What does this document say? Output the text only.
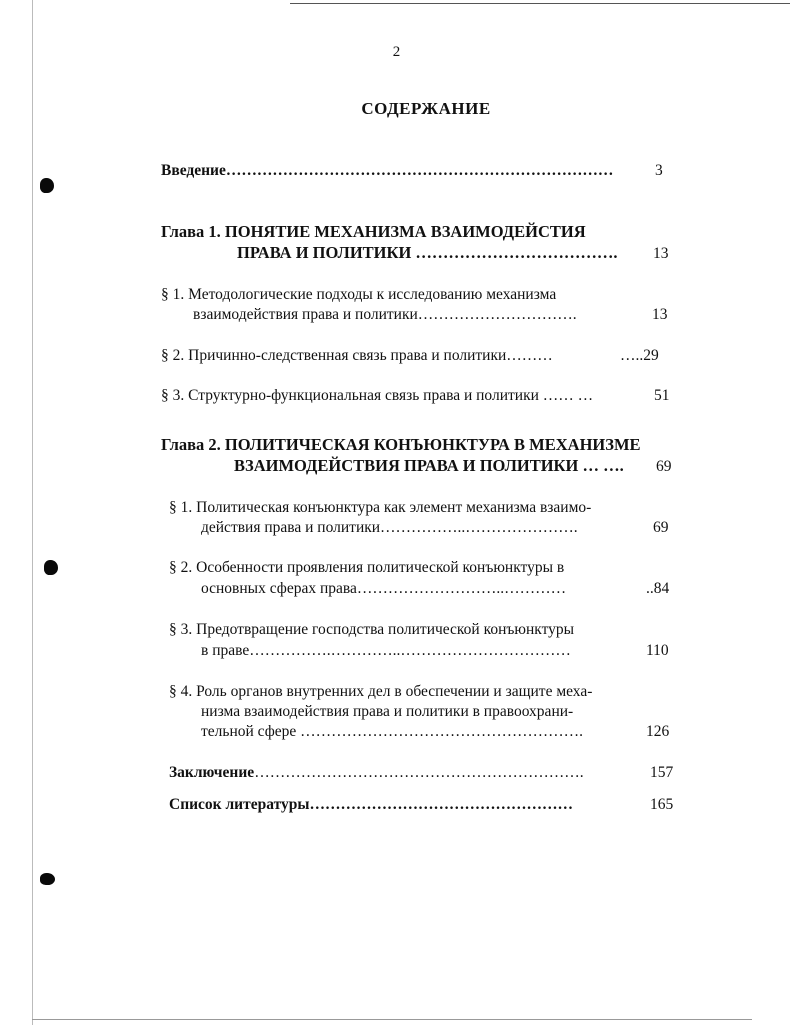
2
СОДЕРЖАНИЕ
Введение…………………………………………………………………	3
Глава 1. ПОНЯТИЕ МЕХАНИЗМА ВЗАИМОДЕЙСТИЯ
ПРАВА И ПОЛИТИКИ ………………………………. 13
§ 1. Методологические подходы к исследованию механизма
взаимодействия права и политики………………………….	13
§ 2. Причинно-следственная связь права и политики………	…..29
§ 3. Структурно-функциональная связь права и политики …… …	51
Глава 2. ПОЛИТИЧЕСКАЯ КОНЪЮНКТУРА В МЕХАНИЗМЕ
ВЗАИМОДЕЙСТВИЯ ПРАВА И ПОЛИТИКИ … …. 69
§ 1. Политическая конъюнктура как элемент механизма взаимо-
действия права и политики……………..………………….	69
§ 2. Особенности проявления политической конъюнктуры в
основных сферах права………………………..…………	..84
§ 3. Предотвращение господства политической конъюнктуры
в праве…………….…………..……………………………	110
§ 4. Роль органов внутренних дел в обеспечении и защите меха-
низма взаимодействия права и политики в правоохрани-
тельной сфере ……………………………………………….	126
Заключение……………………………………………………….	157
Список литературы……………………………………………	165
